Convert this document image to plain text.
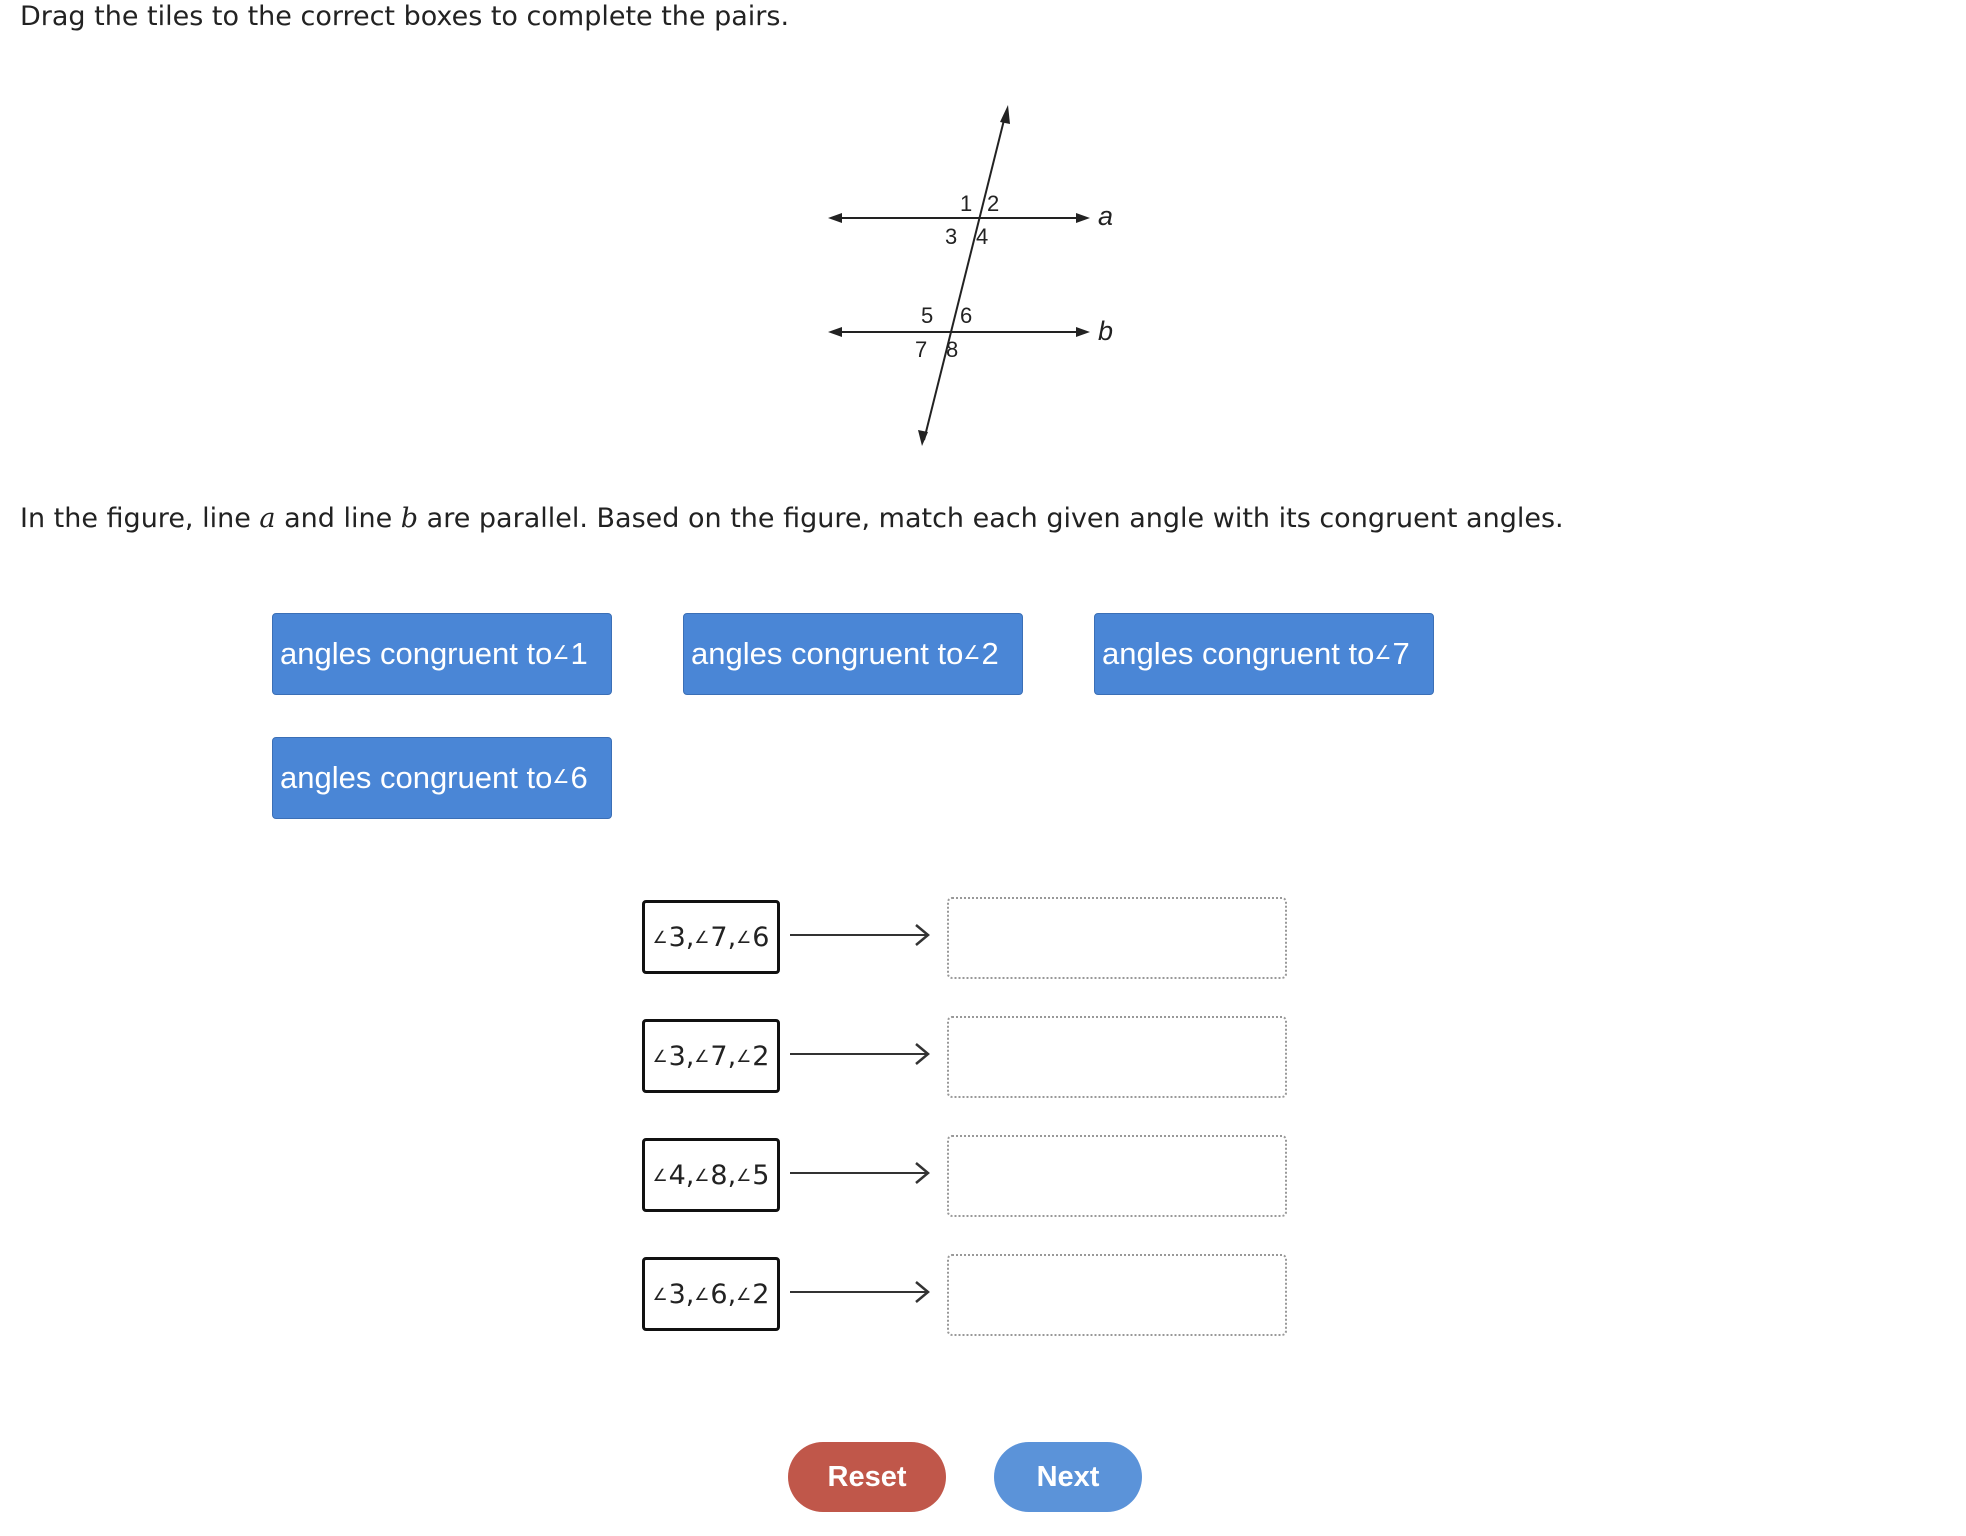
Drag the tiles to the correct boxes to complete the pairs.
1 2
3 4
5 6
7 8
a
b
In the figure, line a and line b are parallel. Based on the figure, match each given angle with its congruent angles.
angles congruent to ∠ 1	angles congruent to ∠ 2	angles congruent to ∠ 7
angles congruent to ∠ 6
∠ 3 , ∠ 7 , ∠ 6
∠ 3 , ∠ 7 , ∠ 2
∠ 4 , ∠ 8 , ∠ 5
∠ 3 , ∠ 6 , ∠ 2
Reset	Next
